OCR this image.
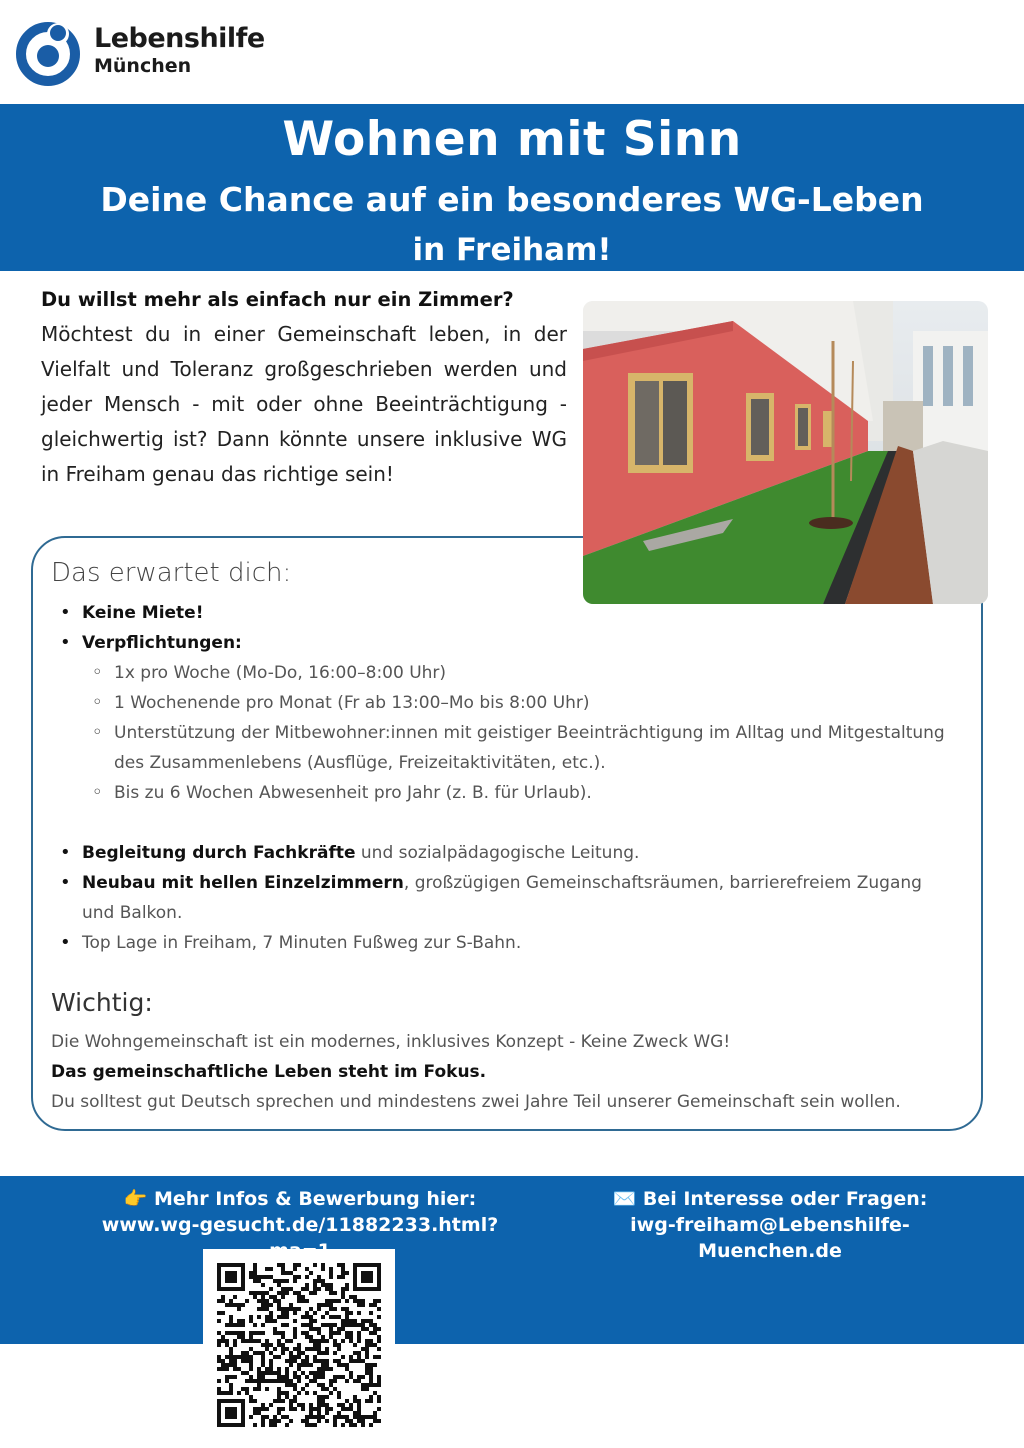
Lebenshilfe
München
Wohnen mit Sinn
Deine Chance auf ein besonderes WG-Leben
in Freiham!

Du willst mehr als einfach nur ein Zimmer?

Möchtest du in einer Gemeinschaft leben, in der Vielfalt und Toleranz großgeschrieben werden und jeder Mensch - mit oder ohne Beeinträchtigung - gleichwertig ist? Dann könnte unsere inklusive WG in Freiham genau das richtige sein!

Das erwartet dich:
• Keine Miete!
• Verpflichtungen:
◦ 1x pro Woche (Mo-Do, 16:00–8:00 Uhr)
◦ 1 Wochenende pro Monat (Fr ab 13:00–Mo bis 8:00 Uhr)
◦ Unterstützung der Mitbewohner:innen mit geistiger Beeinträchtigung im Alltag und Mitgestaltung des Zusammenlebens (Ausflüge, Freizeitaktivitäten, etc.).
◦ Bis zu 6 Wochen Abwesenheit pro Jahr (z. B. für Urlaub).
• Begleitung durch Fachkräfte und sozialpädagogische Leitung.
• Neubau mit hellen Einzelzimmern, großzügigen Gemeinschaftsräumen, barrierefreiem Zugang und Balkon.
• Top Lage in Freiham, 7 Minuten Fußweg zur S-Bahn.
Wichtig:
Die Wohngemeinschaft ist ein modernes, inklusives Konzept - Keine Zweck WG!
Das gemeinschaftliche Leben steht im Fokus.
Du solltest gut Deutsch sprechen und mindestens zwei Jahre Teil unserer Gemeinschaft sein wollen.
👉 Mehr Infos & Bewerbung hier:
www.wg-gesucht.de/11882233.html?
✉️ Bei Interesse oder Fragen:
iwg-freiham@Lebenshilfe-Muenchen.de
